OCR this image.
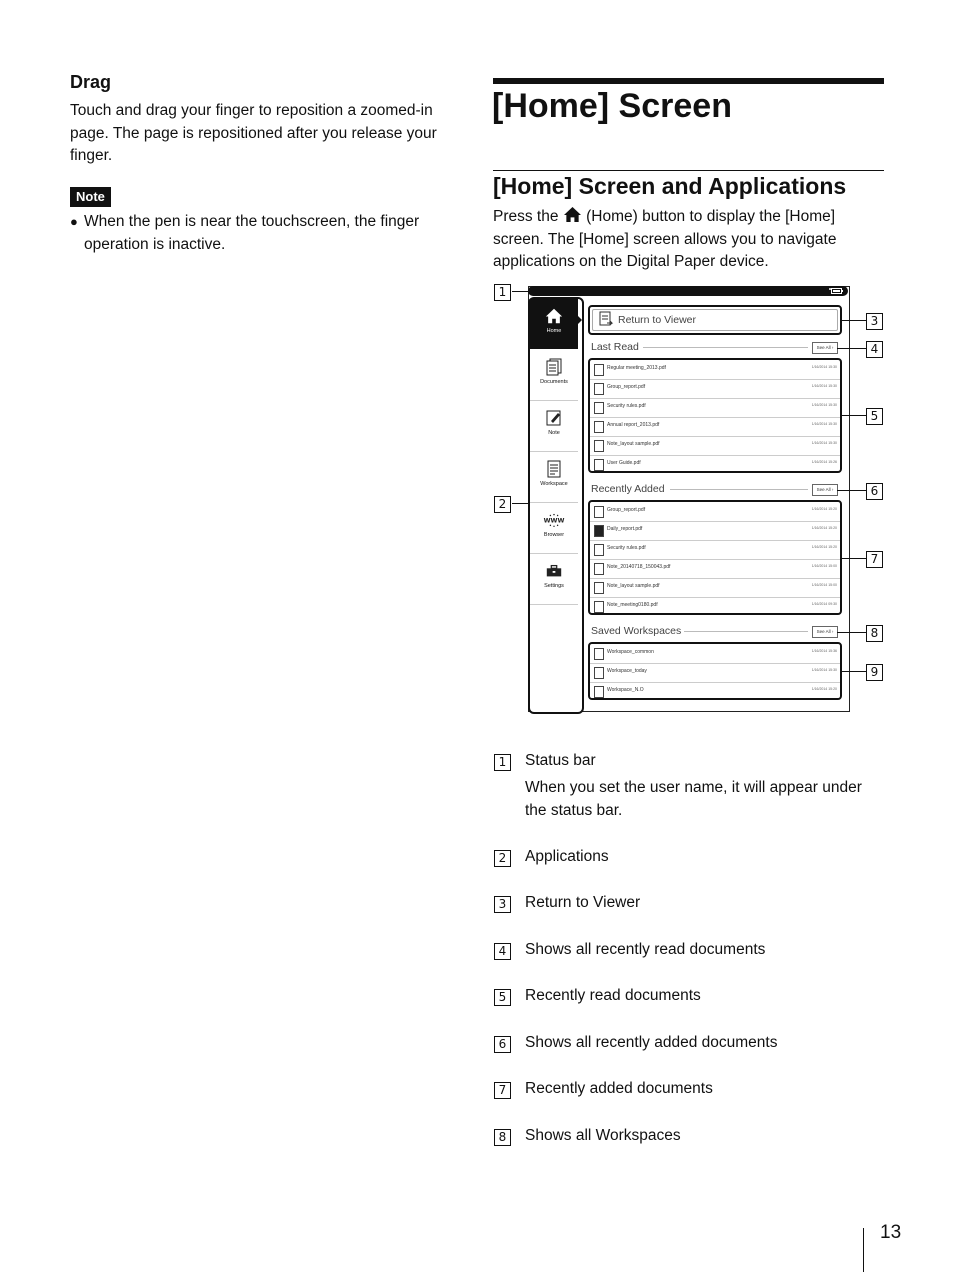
Drag
Touch and drag your finger to reposition a zoomed-in page. The page is repositioned after you release your finger.
Note
● When the pen is near the touchscreen, the finger operation is inactive.
[Home] Screen
[Home] Screen and Applications
Press the (Home) button to display the [Home] screen. The [Home] screen allows you to navigate applications on the Digital Paper device.
Home
Documents
Note
Workspace
WWW
Browser
Settings
Return to Viewer
Last Read	See All ›
Regular meeting_2013.pdf	1/16/2014 15:30
Group_report.pdf	1/16/2014 15:30
Security rules.pdf	1/16/2014 15:30
Annual report_2013.pdf	1/16/2014 15:30
Note_layout sample.pdf	1/16/2014 15:30
User Guide.pdf	1/16/2014 15:26
Recently Added	See All ›
Group_report.pdf	1/16/2014 15:20
Daily_report.pdf	1/16/2014 15:20
Security rules.pdf	1/16/2014 15:20
Note_20140718_150043.pdf	1/16/2014 15:00
Note_layout sample.pdf	1/16/2014 15:00
Note_meeting0180.pdf	1/16/2014 09:30
Saved Workspaces	See All ›
Workspace_common	1/16/2014 15:36
Workspace_today	1/16/2014 15:30
Workspace_N.O	1/16/2014 15:20
1
2
3
4
5
6
7
8
9
1	Status bar
When you set the user name, it will appear under the status bar.
2	Applications
3	Return to Viewer
4	Shows all recently read documents
5	Recently read documents
6	Shows all recently added documents
7	Recently added documents
8	Shows all Workspaces
13
